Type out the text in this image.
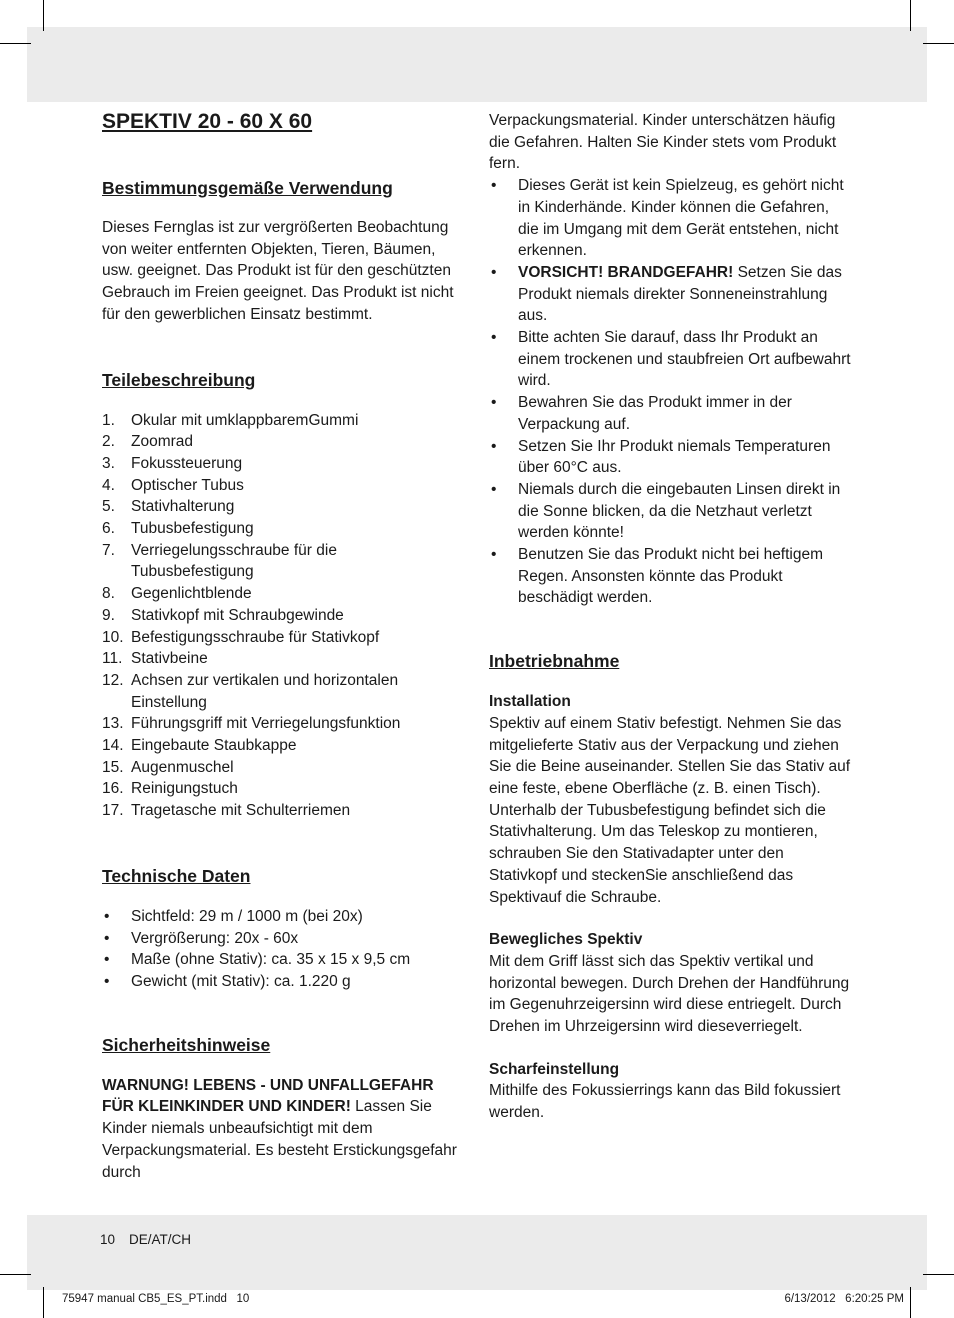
SPEKTIV 20 - 60 X 60
Bestimmungsgemäße Verwendung

Dieses Fernglas ist zur vergrößerten Beobachtung von weiter entfernten Objekten, Tieren, Bäumen, usw. geeignet. Das Produkt ist für den geschützten Gebrauch im Freien geeignet. Das Produkt ist nicht für den gewerblichen Einsatz bestimmt.

Teilebeschreibung
1. Okular mit umklappbaremGummi
2. Zoomrad
3. Fokussteuerung
4. Optischer Tubus
5. Stativhalterung
6. Tubusbefestigung
7. Verriegelungsschraube für die Tubusbefestigung
8. Gegenlichtblende
9. Stativkopf mit Schraubgewinde
10. Befestigungsschraube für Stativkopf
11. Stativbeine
12. Achsen zur vertikalen und horizontalen Einstellung
13. Führungsgriff mit Verriegelungsfunktion
14. Eingebaute Staubkappe
15. Augenmuschel
16. Reinigungstuch
17. Tragetasche mit Schulterriemen
Technische Daten
• Sichtfeld: 29 m / 1000 m (bei 20x)
• Vergrößerung: 20x - 60x
• Maße (ohne Stativ): ca. 35 x 15 x 9,5 cm
• Gewicht (mit Stativ): ca. 1.220 g
Sicherheitshinweise

WARNUNG! LEBENS - UND UNFALLGEFAHR FÜR KLEINKINDER UND KINDER! Lassen Sie Kinder niemals unbeaufsichtigt mit dem Verpackungsmaterial. Es besteht Erstickungsgefahr durch

Verpackungsmaterial. Kinder unterschätzen häufig die Gefahren. Halten Sie Kinder stets vom Produkt fern.

• Dieses Gerät ist kein Spielzeug, es gehört nicht in Kinderhände. Kinder können die Gefahren, die im Umgang mit dem Gerät entstehen, nicht erkennen.
• VORSICHT! BRANDGEFAHR! Setzen Sie das Produkt niemals direkter Sonneneinstrahlung aus.
• Bitte achten Sie darauf, dass Ihr Produkt an einem trockenen und staubfreien Ort aufbewahrt wird.
• Bewahren Sie das Produkt immer in der Verpackung auf.
• Setzen Sie Ihr Produkt niemals Temperaturen über 60°C aus.
• Niemals durch die eingebauten Linsen direkt in die Sonne blicken, da die Netzhaut verletzt werden könnte!
• Benutzen Sie das Produkt nicht bei heftigem Regen. Ansonsten könnte das Produkt beschädigt werden.
Inbetriebnahme
Installation

Spektiv auf einem Stativ befestigt. Nehmen Sie das mitgelieferte Stativ aus der Verpackung und ziehen Sie die Beine auseinander. Stellen Sie das Stativ auf eine feste, ebene Oberfläche (z. B. einen Tisch). Unterhalb der Tubusbefestigung befindet sich die Stativhalterung. Um das Teleskop zu montieren, schrauben Sie den Stativadapter unter den Stativkopf und steckenSie anschließend das Spektivauf die Schraube.

Bewegliches Spektiv

Mit dem Griff lässt sich das Spektiv vertikal und horizontal bewegen. Durch Drehen der Handführung im Gegenuhrzeigersinn wird diese entriegelt. Durch Drehen im Uhrzeigersinn wird dieseverriegelt.

Scharfeinstellung

Mithilfe des Fokussierrings kann das Bild fokussiert werden.

10 DE/AT/CH
75947 manual CB5_ES_PT.indd   10	6/13/2012   6:20:25 PM
